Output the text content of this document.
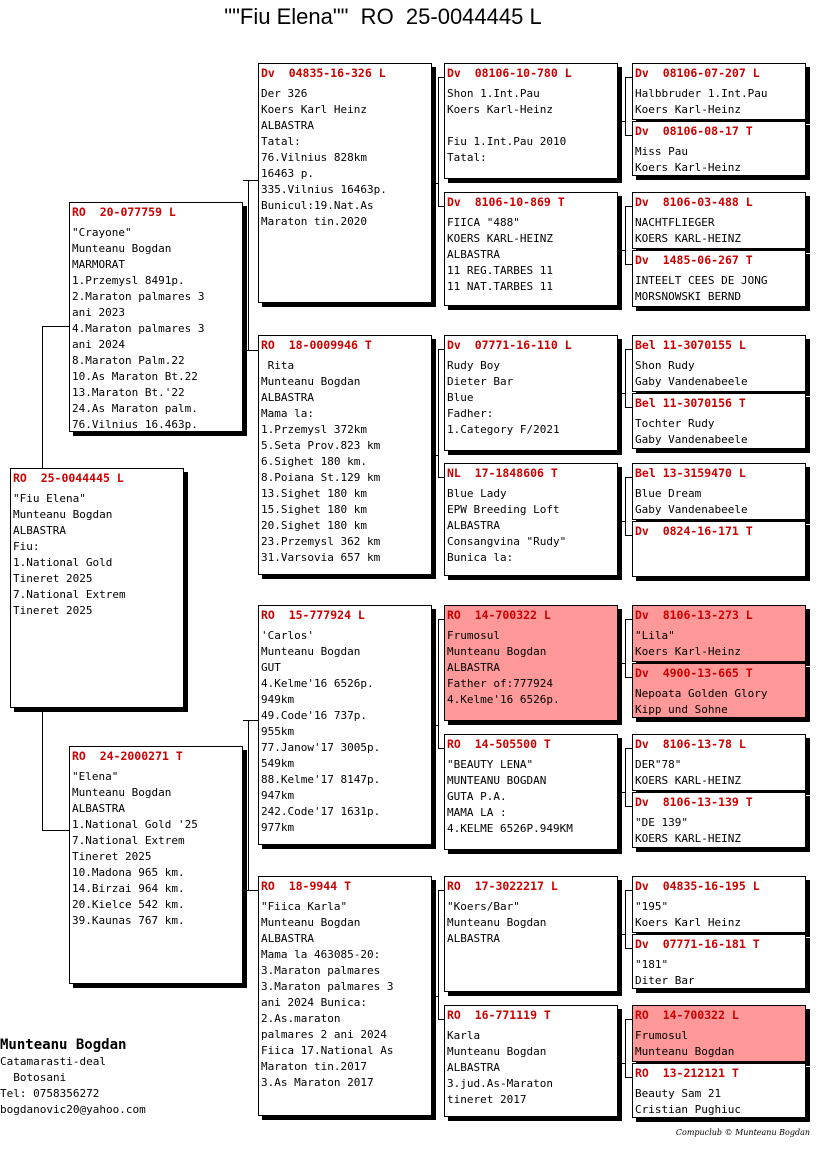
""Fiu Elena""  RO  25-0044445 L
RO  25-0044445 L
"Fiu Elena"
Munteanu Bogdan
ALBASTRA
Fiu:
1.National Gold
Tineret 2025
7.National Extrem
Tineret 2025
RO  20-077759 L
"Crayone"
Munteanu Bogdan
MARMORAT
1.Przemysl 8491p.
2.Maraton palmares 3
ani 2023
4.Maraton palmares 3
ani 2024
8.Maraton Palm.22
10.As Maraton Bt.22
13.Maraton Bt.'22
24.As Maraton palm.
76.Vilnius 16.463p.
RO  24-2000271 T
"Elena"
Munteanu Bogdan
ALBASTRA
1.National Gold '25
7.National Extrem
Tineret 2025
10.Madona 965 km.
14.Birzai 964 km.
20.Kielce 542 km.
39.Kaunas 767 km.
Dv  04835-16-326 L
Der 326
Koers Karl Heinz
ALBASTRA
Tatal:
76.Vilnius 828km
16463 p.
335.Vilnius 16463p.
Bunicul:19.Nat.As
Maraton tin.2020
RO  18-0009946 T
Rita
Munteanu Bogdan
ALBASTRA
Mama la:
1.Przemysl 372km
5.Seta Prov.823 km
6.Sighet 180 km.
8.Poiana St.129 km
13.Sighet 180 km
15.Sighet 180 km
20.Sighet 180 km
23.Przemysl 362 km
31.Varsovia 657 km
RO  15-777924 L
'Carlos'
Munteanu Bogdan
GUT
4.Kelme'16 6526p.
949km
49.Code'16 737p.
955km
77.Janow'17 3005p.
549km
88.Kelme'17 8147p.
947km
242.Code'17 1631p.
977km
RO  18-9944 T
"Fiica Karla"
Munteanu Bogdan
ALBASTRA
Mama la 463085-20:
3.Maraton palmares
3.Maraton palmares 3
ani 2024 Bunica:
2.As.maraton
palmares 2 ani 2024
Fiica 17.National As
Maraton tin.2017
3.As Maraton 2017
Dv  08106-10-780 L
Shon 1.Int.Pau
Koers Karl-Heinz
Fiu 1.Int.Pau 2010
Tatal:
Dv  8106-10-869 T
FIICA "488"
KOERS KARL-HEINZ
ALBASTRA
11 REG.TARBES 11
11 NAT.TARBES 11
Dv  07771-16-110 L
Rudy Boy
Dieter Bar
Blue
Fadher:
1.Category F/2021
NL  17-1848606 T
Blue Lady
EPW Breeding Loft
ALBASTRA
Consangvina "Rudy"
Bunica la:
RO  14-700322 L
Frumosul
Munteanu Bogdan
ALBASTRA
Father of:777924
4.Kelme'16 6526p.
RO  14-505500 T
"BEAUTY LENA"
MUNTEANU BOGDAN
GUTA P.A.
MAMA LA :
4.KELME 6526P.949KM
RO  17-3022217 L
"Koers/Bar"
Munteanu Bogdan
ALBASTRA
RO  16-771119 T
Karla
Munteanu Bogdan
ALBASTRA
3.jud.As-Maraton
tineret 2017
Dv  08106-07-207 L
Halbbruder 1.Int.Pau
Koers Karl-Heinz
Dv  08106-08-17 T
Miss Pau
Koers Karl-Heinz
Dv  8106-03-488 L
NACHTFLIEGER
KOERS KARL-HEINZ
Dv  1485-06-267 T
INTEELT CEES DE JONG
MORSNOWSKI BERND
Bel 11-3070155 L
Shon Rudy
Gaby Vandenabeele
Bel 11-3070156 T
Tochter Rudy
Gaby Vandenabeele
Bel 13-3159470 L
Blue Dream
Gaby Vandenabeele
Dv  0824-16-171 T
Dv  8106-13-273 L
"Lila"
Koers Karl-Heinz
Dv  4900-13-665 T
Nepoata Golden Glory
Kipp und Sohne
Dv  8106-13-78 L
DER"78"
KOERS KARL-HEINZ
Dv  8106-13-139 T
"DE 139"
KOERS KARL-HEINZ
Dv  04835-16-195 L
"195"
Koers Karl Heinz
Dv  07771-16-181 T
"181"
Diter Bar
RO  14-700322 L
Frumosul
Munteanu Bogdan
RO  13-212121 T
Beauty Sam 21
Cristian Pughiuc
Munteanu Bogdan
Catamarasti-deal
Botosani
Tel: 0758356272
bogdanovic20@yahoo.com
Compuclub © Munteanu Bogdan
